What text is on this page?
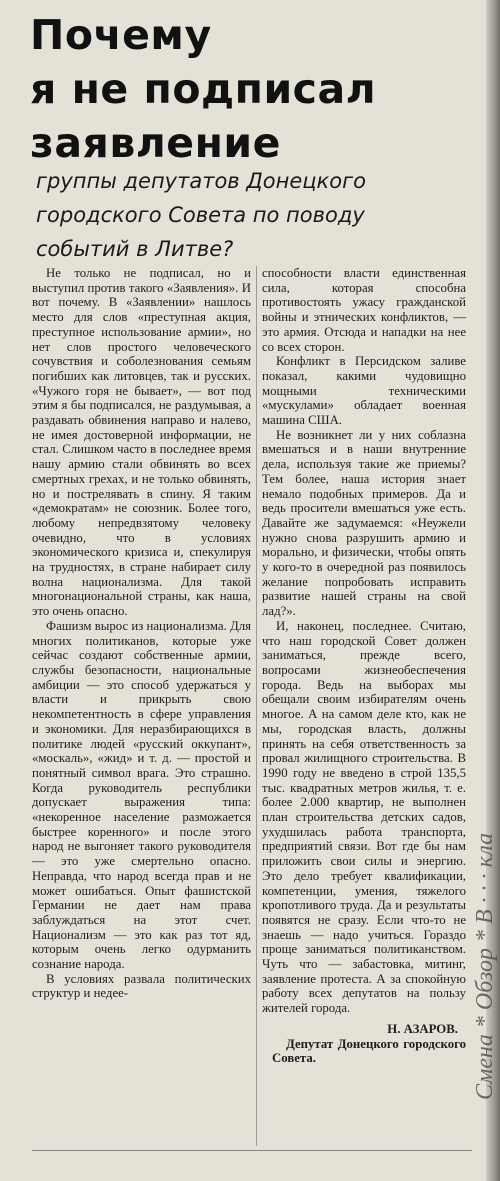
Смена * Обзор * В · · · кла
Почему
я не подписал
заявление
группы депутатов Донецкого
городского Совета по поводу
событий в Литве?

Не только не подписал, но и выступил против такого «Заявления». И вот почему. В «Заявлении» нашлось место для слов «преступная акция, преступное использование армии», но нет слов простого человеческого сочувствия и соболезнования семьям погибших как литовцев, так и русских. «Чужого горя не бывает», — вот под этим я бы подписался, не раздумывая, а раздавать обвинения направо и налево, не имея достоверной информации, не стал. Слишком часто в последнее время нашу армию стали обвинять во всех смертных грехах, и не только обвинять, но и пострелявать в спину. Я таким «демократам» не союзник. Более того, любому непредвзятому человеку очевидно, что в условиях экономического кризиса и, спекулируя на трудностях, в стране набирает силу волна национализма. Для такой многонациональной страны, как наша, это очень опасно.

Фашизм вырос из национализма. Для многих политиканов, которые уже сейчас создают собственные армии, службы безопасности, национальные амбиции — это способ удержаться у власти и прикрыть свою некомпетентность в сфере управления и экономики. Для неразбирающихся в политике людей «русский оккупант», «москаль», «жид» и т. д. — простой и понятный символ врага. Это страшно. Когда руководитель республики допускает выражения типа: «некоренное население разможается быстрее коренного» и после этого народ не выгоняет такого руководителя — это уже смертельно опасно. Неправда, что народ всегда прав и не может ошибаться. Опыт фашистской Германии не дает нам права заблуждаться на этот счет. Национализм — это как раз тот яд, которым очень легко одурманить сознание народа.

В условиях развала политических структур и недее-

способности власти единственная сила, которая способна противостоять ужасу гражданской войны и этнических конфликтов, — это армия. Отсюда и нападки на нее со всех сторон.

Конфликт в Персидском заливе показал, какими чудовищно мощными техническими «мускулами» обладает военная машина США.

Не возникнет ли у них соблазна вмешаться и в наши внутренние дела, используя такие же приемы? Тем более, наша история знает немало подобных примеров. Да и ведь просители вмешаться уже есть. Давайте же задумаемся: «Неужели нужно снова разрушить армию и морально, и физически, чтобы опять у кого-то в очередной раз появилось желание попробовать исправить развитие нашей страны на свой лад?».

И, наконец, последнее. Считаю, что наш городской Совет должен заниматься, прежде всего, вопросами жизнеобеспечения города. Ведь на выборах мы обещали своим избирателям очень многое. А на самом деле кто, как не мы, городская власть, должны принять на себя ответственность за провал жилищного строительства. В 1990 году не введено в строй 135,5 тыс. квадратных метров жилья, т. е. более 2.000 квартир, не выполнен план строительства детских садов, ухудшилась работа транспорта, предприятий связи. Вот где бы нам приложить свои силы и энергию. Это дело требует квалификации, компетенции, умения, тяжелого кропотливого труда. Да и результаты появятся не сразу. Если что-то не знаешь — надо учиться. Гораздо проще заниматься политиканством. Чуть что — забастовка, митинг, заявление протеста. А за спокойную работу всех депутатов на пользу жителей города.

Н. АЗАРОВ.

Депутат Донецкого городского Совета.
